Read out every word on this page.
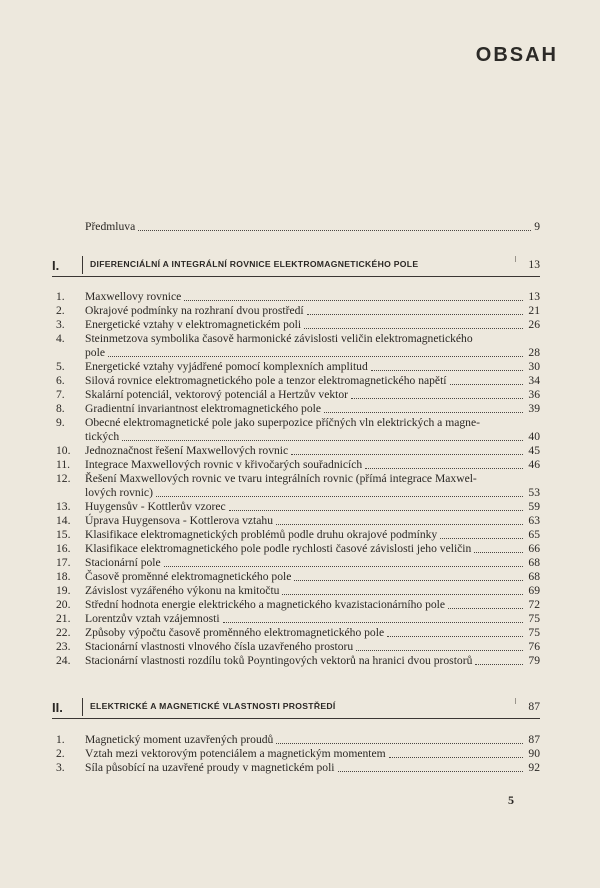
OBSAH
Předmluva	9
I.	DIFERENCIÁLNÍ A INTEGRÁLNÍ ROVNICE ELEKTROMAGNETICKÉHO POLE	13
1.	Maxwellovy rovnice	13
2.	Okrajové podmínky na rozhraní dvou prostředí	21
3.	Energetické vztahy v elektromagnetickém poli	26
4.	Steinmetzova symbolika časově harmonické závislosti veličin elektromagnetického
pole	28
5.	Energetické vztahy vyjádřené pomocí komplexních amplitud	30
6.	Silová rovnice elektromagnetického pole a tenzor elektromagnetického napětí	34
7.	Skalární potenciál, vektorový potenciál a Hertzův vektor	36
8.	Gradientní invariantnost elektromagnetického pole	39
9.	Obecné elektromagnetické pole jako superpozice příčných vln elektrických a magne-
tických	40
10.	Jednoznačnost řešení Maxwellových rovnic	45
11.	Integrace Maxwellových rovnic v křivočarých souřadnicích	46
12.	Řešení Maxwellových rovnic ve tvaru integrálních rovnic (přímá integrace Maxwel-
lových rovnic)	53
13.	Huygensův - Kottlerův vzorec	59
14.	Úprava Huygensova - Kottlerova vztahu	63
15.	Klasifikace elektromagnetických problémů podle druhu okrajové podmínky	65
16.	Klasifikace elektromagnetického pole podle rychlosti časové závislosti jeho veličin	66
17.	Stacionární pole	68
18.	Časově proměnné elektromagnetického pole	68
19.	Závislost vyzářeného výkonu na kmitočtu	69
20.	Střední hodnota energie elektrického a magnetického kvazistacionárního pole	72
21.	Lorentzův vztah vzájemnosti	75
22.	Způsoby výpočtu časově proměnného elektromagnetického pole	75
23.	Stacionární vlastnosti vlnového čísla uzavřeného prostoru	76
24.	Stacionární vlastnosti rozdílu toků Poyntingových vektorů na hranici dvou prostorů	79
II.	ELEKTRICKÉ A MAGNETICKÉ VLASTNOSTI PROSTŘEDÍ	87
1.	Magnetický moment uzavřených proudů	87
2.	Vztah mezi vektorovým potenciálem a magnetickým momentem	90
3.	Síla působící na uzavřené proudy v magnetickém poli	92
5
